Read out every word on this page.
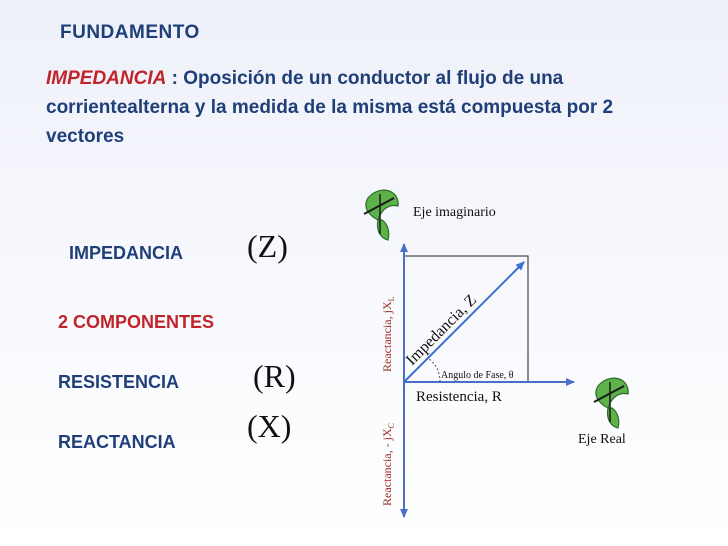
FUNDAMENTO
IMPEDANCIA : Oposición de un conductor al flujo de una corrientealterna y la medida de la misma está compuesta por 2 vectores
IMPEDANCIA (Z)
2 COMPONENTES
RESISTENCIA (R)
REACTANCIA (X)
Eje imaginario
Eje Real
Resistencia, R
Angulo de Fase, θ
Impedancia, Z
Reactancia, $jX_L$
Reactancia, - $jX_C$
